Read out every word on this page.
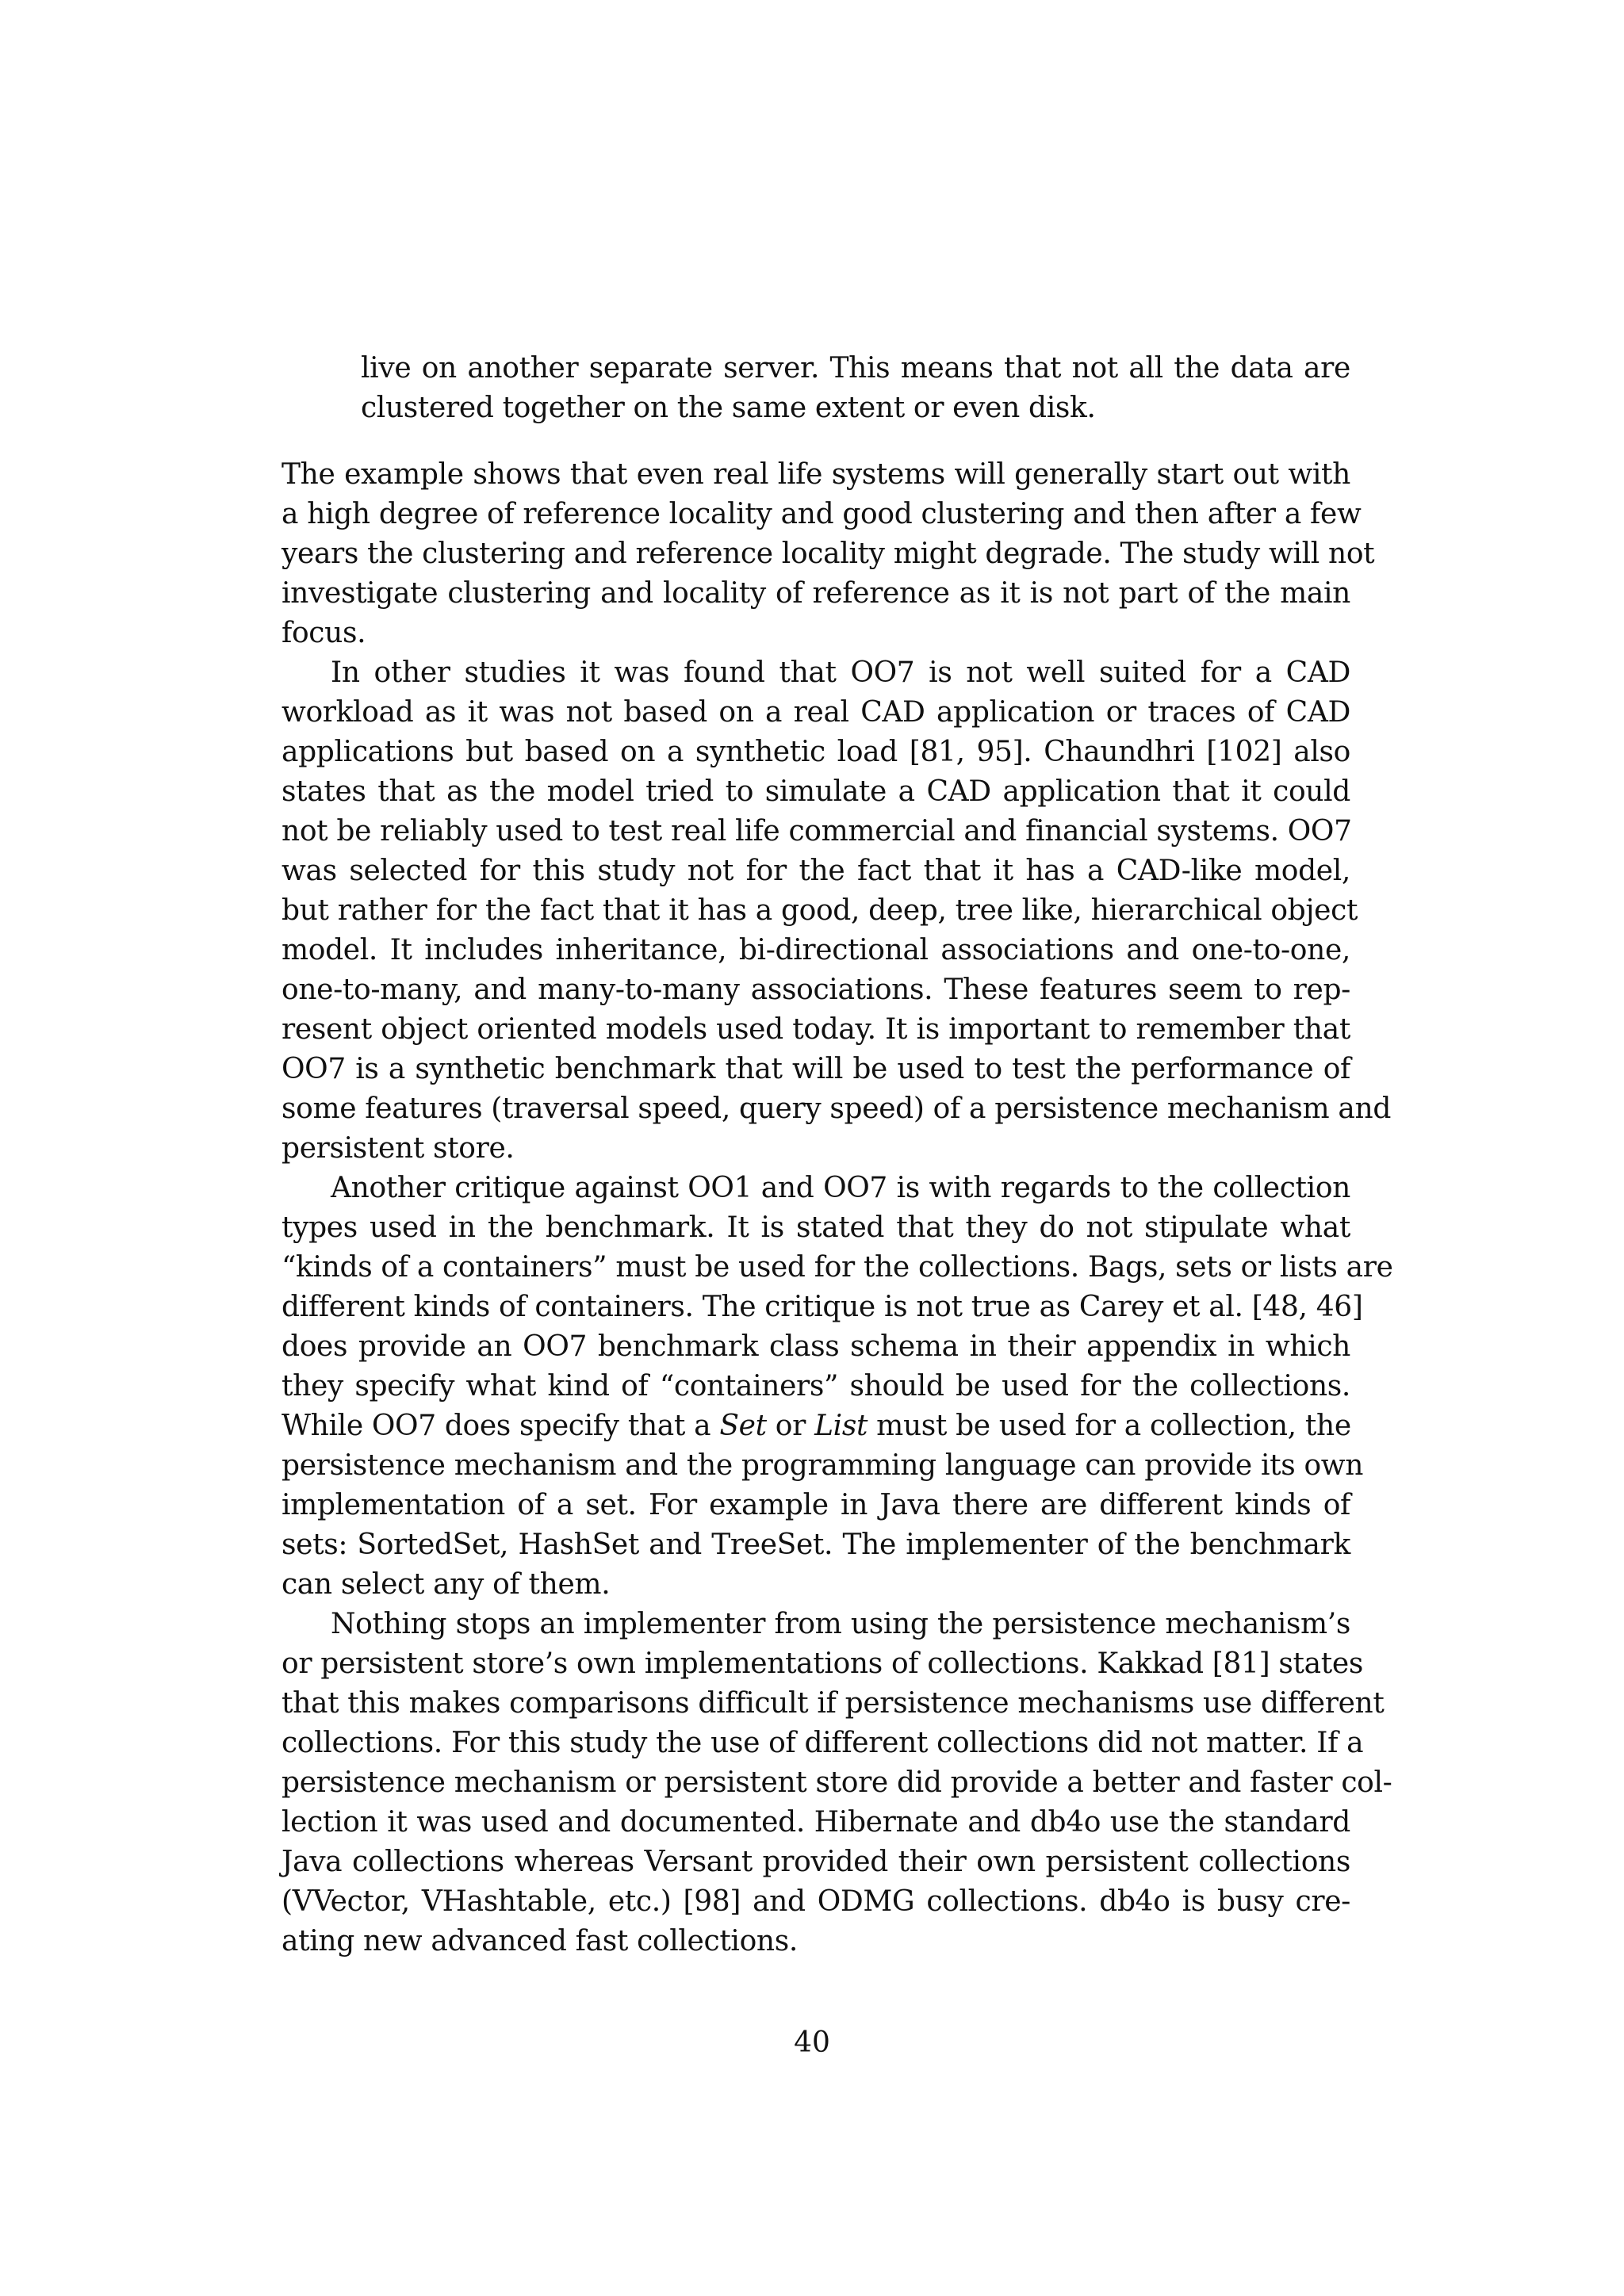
live on another separate server. This means that not all the data are
clustered together on the same extent or even disk.
The example shows that even real life systems will generally start out with
a high degree of reference locality and good clustering and then after a few
years the clustering and reference locality might degrade. The study will not
investigate clustering and locality of reference as it is not part of the main
focus.
In other studies it was found that OO7 is not well suited for a CAD
workload as it was not based on a real CAD application or traces of CAD
applications but based on a synthetic load [81, 95]. Chaundhri [102] also
states that as the model tried to simulate a CAD application that it could
not be reliably used to test real life commercial and financial systems. OO7
was selected for this study not for the fact that it has a CAD-like model,
but rather for the fact that it has a good, deep, tree like, hierarchical object
model. It includes inheritance, bi-directional associations and one-to-one,
one-to-many, and many-to-many associations. These features seem to rep-
resent object oriented models used today. It is important to remember that
OO7 is a synthetic benchmark that will be used to test the performance of
some features (traversal speed, query speed) of a persistence mechanism and
persistent store.
Another critique against OO1 and OO7 is with regards to the collection
types used in the benchmark. It is stated that they do not stipulate what
“kinds of a containers” must be used for the collections. Bags, sets or lists are
different kinds of containers. The critique is not true as Carey et al. [48, 46]
does provide an OO7 benchmark class schema in their appendix in which
they specify what kind of “containers” should be used for the collections.
While OO7 does specify that a Set or List must be used for a collection, the
persistence mechanism and the programming language can provide its own
implementation of a set. For example in Java there are different kinds of
sets: SortedSet, HashSet and TreeSet. The implementer of the benchmark
can select any of them.
Nothing stops an implementer from using the persistence mechanism’s
or persistent store’s own implementations of collections. Kakkad [81] states
that this makes comparisons difficult if persistence mechanisms use different
collections. For this study the use of different collections did not matter. If a
persistence mechanism or persistent store did provide a better and faster col-
lection it was used and documented. Hibernate and db4o use the standard
Java collections whereas Versant provided their own persistent collections
(VVector, VHashtable, etc.) [98] and ODMG collections. db4o is busy cre-
ating new advanced fast collections.
40
